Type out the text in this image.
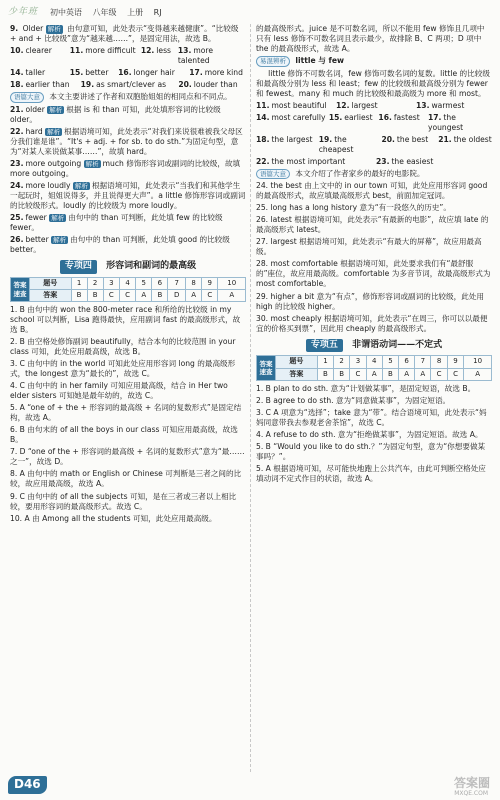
少年班 初中英语 八年级 上册 RJ
9. Older 解析 由句意可知，此处表示“变得越来越健康”。“比较级 + and + 比较级”意为“越来越……”，是固定用法，故选 B。
10. clearer	11. more difficult 12. less 13. more talented
14. taller	15. better	16. longer hair	17. more kind
18. earlier than	19. as smart/clever as	20. louder than
语篇大意 本文主要讲述了作者和双胞胎姐姐的相同点和不同点。
21. older 解析 根据 is 和 than 可知，此处填形容词的比较级 older。
22. hard 解析 根据语境可知，此处表示“对我们来说很难被我父母区分我们谁是谁”。“It's + adj. + for sb. to do sth.”为固定句型，意为“对某人来说做某事……”，故填 hard。
23. more outgoing 解析 much 修饰形容词或副词的比较级，故填 more outgoing。
24. more loudly 解析 根据语境可知，此处表示“当我们和其他学生一起玩时，姐姐说得多，并且说得更大声”。a little 修饰形容词或副词的比较级形式。loudly 的比较级为 more loudly。
25. fewer 解析 由句中的 than 可判断，此处填 few 的比较级 fewer。
26. better 解析 由句中的 than 可判断，此处填 good 的比较级 better。
专项四 形容词和副词的最高级
答案速查	题号	1	2	3	4	5	6	7	8	9	10
	答案	B	B	C	C	A	B	D	A	C	A
1. B 由句中的 won the 800-meter race 和所给的比较级 in my school 可以判断，Lisa 跑得最快，应用副词 fast 的最高级形式，故选 B。
2. B 由空格处修饰副词 beautifully，结合本句的比较范围 in your class 可知，此处应用最高级，故选 B。
3. C 由句中的 in the world 可知此处应用形容词 long 的最高级形式，the longest 意为“最长的”，故选 C。
4. C 由句中的 in her family 可知应用最高级，结合 in Her two elder sisters 可知她是最年幼的，故选 C。
5. A “one of + the + 形容词的最高级 + 名词的复数形式”是固定结构，故选 A。
6. B 由句末的 of all the boys in our class 可知应用最高级，故选 B。
7. D “one of the + 形容词的最高级 + 名词的复数形式”意为“最……之一”，故选 D。
8. A 由句中的 math or English or Chinese 可判断是三者之间的比较，故应用最高级，故选 A。
9. C 由句中的 of all the subjects 可知，是在三者或三者以上相比较，要用形容词的最高级形式。故选 C。
10. A 由 Among all the students 可知，此处应用最高级。
的最高级形式。juice 是不可数名词，所以不能用 few 修饰且几项中只有 less 修饰不可数名词且表示最少，故排除 B、C 两项；D 项中 the 的最高级形式，故选 A。
易混辨析 little 与 few
little 修饰不可数名词，few 修饰可数名词的复数。little 的比较级和最高级分别为 less 和 least；few 的比较级和最高级分别为 fewer 和 fewest。many 和 much 的比较级和最高级为 more 和 most。
11. most beautiful	12. largest	13. warmest
14. most carefully 15. earliest 16. fastest	17. the youngest
18. the largest 19. the cheapest
20. the best	21. the oldest
22. the most important	23. the easiest
语篇大意 本文介绍了作者家乡的最好的电影院。
24. the best 由上文中的 in our town 可知，此处应用形容词 good 的最高级形式，故应填最高级形式 best，前面加定冠词。
25. long has a long history 意为“有一段悠久的历史”。
26. latest 根据语境可知，此处表示“有最新的电影”，故应填 late 的最高级形式 latest。
27. largest 根据语境可知，此处表示“有最大的屏幕”，故应用最高级。
28. most comfortable 根据语境可知，此处要求我们有“最舒服的”座位，故应用最高级。comfortable 为多音节词，故最高级形式为 most comfortable。
29. higher a bit 意为“有点”，修饰形容词或副词的比较级，此处用 high 的比较级 higher。
30. most cheaply 根据语境可知，此处表示“在周三，你可以以最便宜的价格买到票”，因此用 cheaply 的最高级形式。
专项五 非谓语动词——不定式
答案速查	题号	1	2	3	4	5	6	7	8	9	10
	答案	B	B	C	A	B	A	A	C	C	A
1. B plan to do sth. 意为“计划做某事”，是固定短语，故选 B。
2. B agree to do sth. 意为“同意做某事”，为固定短语。
3. C A 项意为“选择”；take 意为“带”。结合语境可知，此处表示“妈妈同意带我去参观老舍茶馆”，故选 C。
4. A refuse to do sth. 意为“拒绝做某事”，为固定短语。故选 A。
5. B “Would you like to do sth.？”为固定句型，意为“你想要做某事吗？”。
5. A 根据语境可知，尽可能快地跑上公共汽车，由此可判断空格处应填动词不定式作目的状语，故选 A。
D46	答案圈
MXQE.COM
